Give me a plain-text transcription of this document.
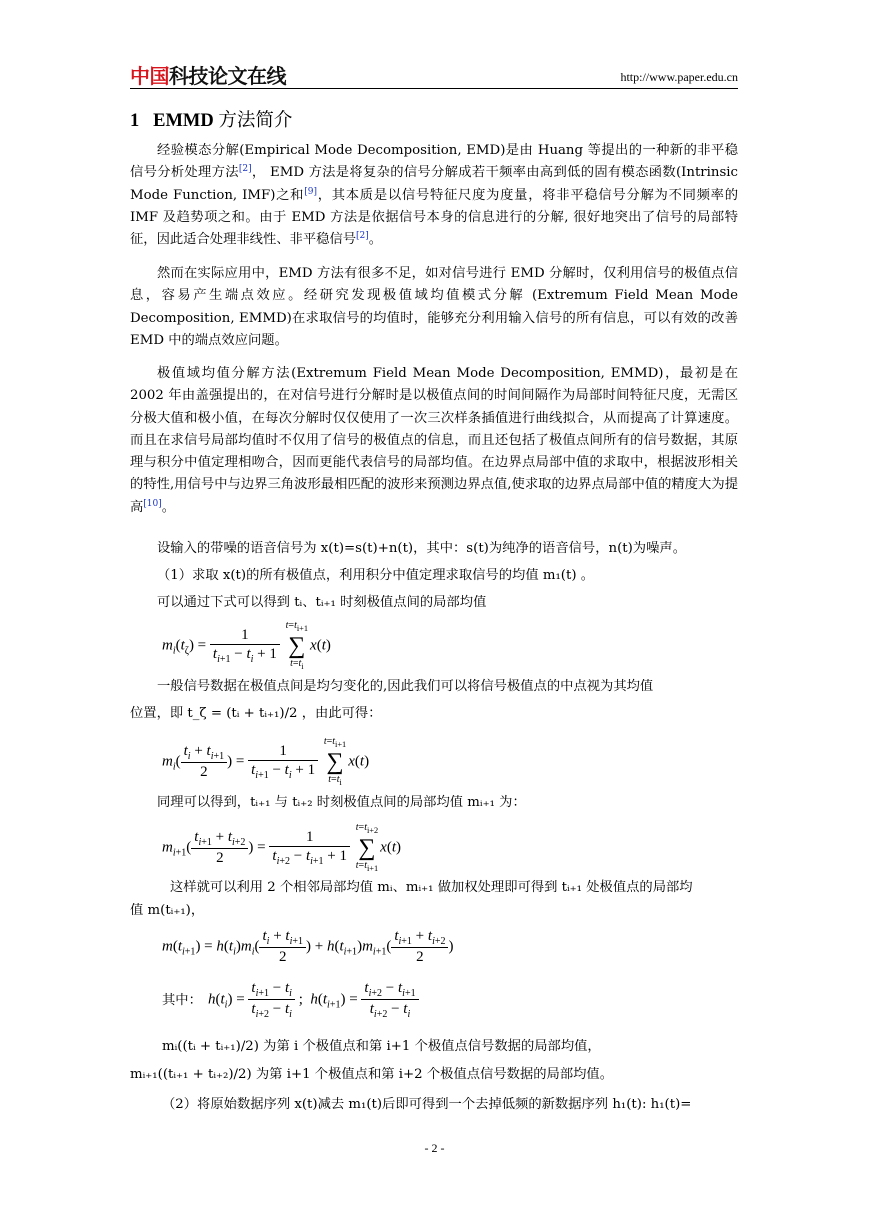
中国科技论文在线	http://www.paper.edu.cn
1 EMMD 方法简介
经验模态分解(Empirical Mode Decomposition, EMD)是由 Huang 等提出的一种新的非平稳信号分析处理方法[2]， EMD 方法是将复杂的信号分解成若干频率由高到低的固有模态函数(Intrinsic Mode Function, IMF)之和[9]，其本质是以信号特征尺度为度量，将非平稳信号分解为不同频率的 IMF 及趋势项之和。由于 EMD 方法是依据信号本身的信息进行的分解, 很好地突出了信号的局部特征，因此适合处理非线性、非平稳信号[2]。
然而在实际应用中，EMD 方法有很多不足，如对信号进行 EMD 分解时，仅利用信号的极值点信息，容易产生端点效应。经研究发现极值域均值模式分解 (Extremum Field Mean Mode Decomposition, EMMD)在求取信号的均值时，能够充分利用输入信号的所有信息，可以有效的改善 EMD 中的端点效应问题。
极值域均值分解方法(Extremum Field Mean Mode Decomposition, EMMD)，最初是在 2002 年由盖强提出的，在对信号进行分解时是以极值点间的时间间隔作为局部时间特征尺度，无需区分极大值和极小值，在每次分解时仅仅使用了一次三次样条插值进行曲线拟合，从而提高了计算速度。而且在求信号局部均值时不仅用了信号的极值点的信息，而且还包括了极值点间所有的信号数据，其原理与积分中值定理相吻合，因而更能代表信号的局部均值。在边界点局部中值的求取中，根据波形相关的特性,用信号中与边界三角波形最相匹配的波形来预测边界点值,使求取的边界点局部中值的精度大为提高[10]。
设输入的带噪的语音信号为 x(t)=s(t)+n(t)，其中：s(t)为纯净的语音信号，n(t)为噪声。
（1）求取 x(t)的所有极值点，利用积分中值定理求取信号的均值 m₁(t) 。
可以通过下式可以得到 tᵢ、tᵢ₊₁ 时刻极值点间的局部均值
$m_i(t_\zeta) = \frac{1}{t_{i+1} - t_i + 1}$
$t=t_{i+1}$
∑
$t=t_ix(t)$
一般信号数据在极值点间是均匀变化的,因此我们可以将信号极值点的中点视为其均值
位置，即 t_ζ = (tᵢ + tᵢ₊₁)/2 ，由此可得：
$m_i( \frac{t_i + t_{i+1}}{2}$ ) = $\frac{1}{t_{i+1} - t_i + 1}$
$t=t_{i+1}$
∑
$t=t_ix(t)$
同理可以得到，tᵢ₊₁ 与 tᵢ₊₂ 时刻极值点间的局部均值 mᵢ₊₁ 为：
$m_{i+1}( \frac{t_{i+1} + t_{i+2}}{2}$ ) = $\frac{1}{t_{i+2} - t_{i+1} + 1}$
$t=t_{i+2}$
∑
$t=t_{i+1}x(t)$
这样就可以利用 2 个相邻局部均值 mᵢ、mᵢ₊₁ 做加权处理即可得到 tᵢ₊₁ 处极值点的局部均
值 m(tᵢ₊₁)，
$m(t_{i+1}) = h(t_i)m_i( \frac{t_i + t_{i+1}}{2}$ ) + $h(t_{i+1})m_{i+1}( \frac{t_{i+1} + t_{i+2}}{2}$ )
其中： $h(t_i) = \frac{t_{i+1} - t_i}{t_{i+2} - t_i}$ ;  $h(t_{i+1}) = \frac{t_{i+2} - t_{i+1}}{t_{i+2} - t_i}$
mᵢ((tᵢ + tᵢ₊₁)/2) 为第 i 个极值点和第 i+1 个极值点信号数据的局部均值，
mᵢ₊₁((tᵢ₊₁ + tᵢ₊₂)/2) 为第 i+1 个极值点和第 i+2 个极值点信号数据的局部均值。
（2）将原始数据序列 x(t)减去 m₁(t)后即可得到一个去掉低频的新数据序列 h₁(t): h₁(t)=
- 2 -
